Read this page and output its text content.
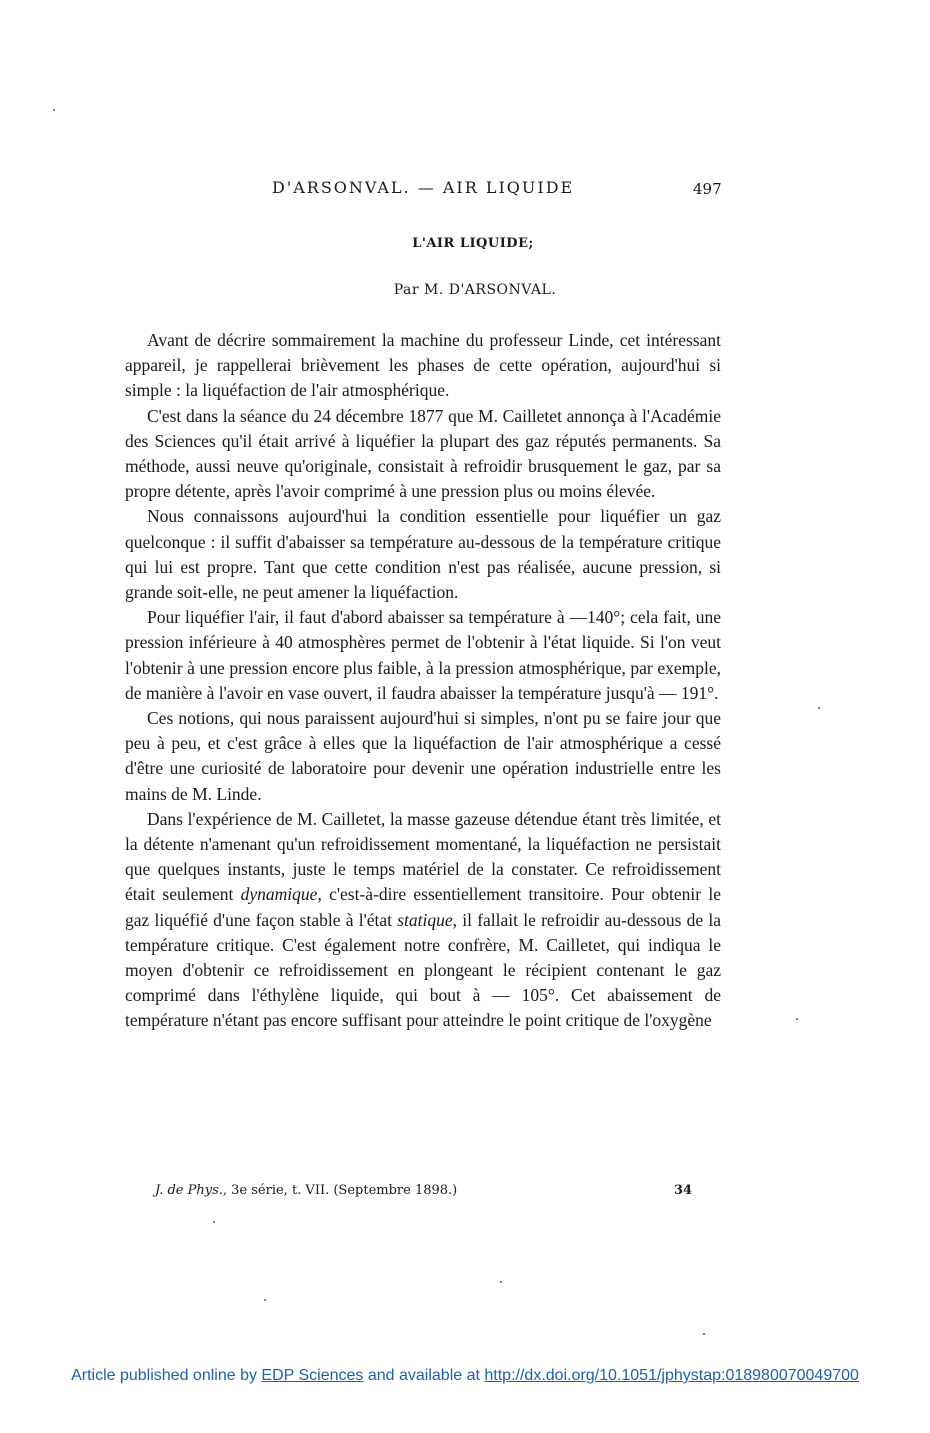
D'ARSONVAL. — AIR LIQUIDE	497
L'AIR LIQUIDE;
Par M. D'ARSONVAL.

Avant de décrire sommairement la machine du professeur Linde, cet intéressant appareil, je rappellerai brièvement les phases de cette opération, aujourd'hui si simple : la liquéfaction de l'air atmosphérique.

C'est dans la séance du 24 décembre 1877 que M. Cailletet annonça à l'Académie des Sciences qu'il était arrivé à liquéfier la plupart des gaz réputés permanents. Sa méthode, aussi neuve qu'originale, consistait à refroidir brusquement le gaz, par sa propre détente, après l'avoir comprimé à une pression plus ou moins élevée.

Nous connaissons aujourd'hui la condition essentielle pour liquéfier un gaz quelconque : il suffit d'abaisser sa température au-dessous de la température critique qui lui est propre. Tant que cette condition n'est pas réalisée, aucune pression, si grande soit-elle, ne peut amener la liquéfaction.

Pour liquéfier l'air, il faut d'abord abaisser sa température à —140°; cela fait, une pression inférieure à 40 atmosphères permet de l'obtenir à l'état liquide. Si l'on veut l'obtenir à une pression encore plus faible, à la pression atmosphérique, par exemple, de manière à l'avoir en vase ouvert, il faudra abaisser la température jusqu'à — 191°.

Ces notions, qui nous paraissent aujourd'hui si simples, n'ont pu se faire jour que peu à peu, et c'est grâce à elles que la liquéfaction de l'air atmosphérique a cessé d'être une curiosité de laboratoire pour devenir une opération industrielle entre les mains de M. Linde.

Dans l'expérience de M. Cailletet, la masse gazeuse détendue étant très limitée, et la détente n'amenant qu'un refroidissement momentané, la liquéfaction ne persistait que quelques instants, juste le temps matériel de la constater. Ce refroidissement était seulement dynamique, c'est-à-dire essentiellement transitoire. Pour obtenir le gaz liquéfié d'une façon stable à l'état statique, il fallait le refroidir au-dessous de la température critique. C'est également notre confrère, M. Cailletet, qui indiqua le moyen d'obtenir ce refroidissement en plongeant le récipient contenant le gaz comprimé dans l'éthylène liquide, qui bout à — 105°. Cet abaissement de température n'étant pas encore suffisant pour atteindre le point critique de l'oxygène

J. de Phys., 3e série, t. VII. (Septembre 1898.)	34
Article published online by EDP Sciences and available at http://dx.doi.org/10.1051/jphystap:018980070049700
